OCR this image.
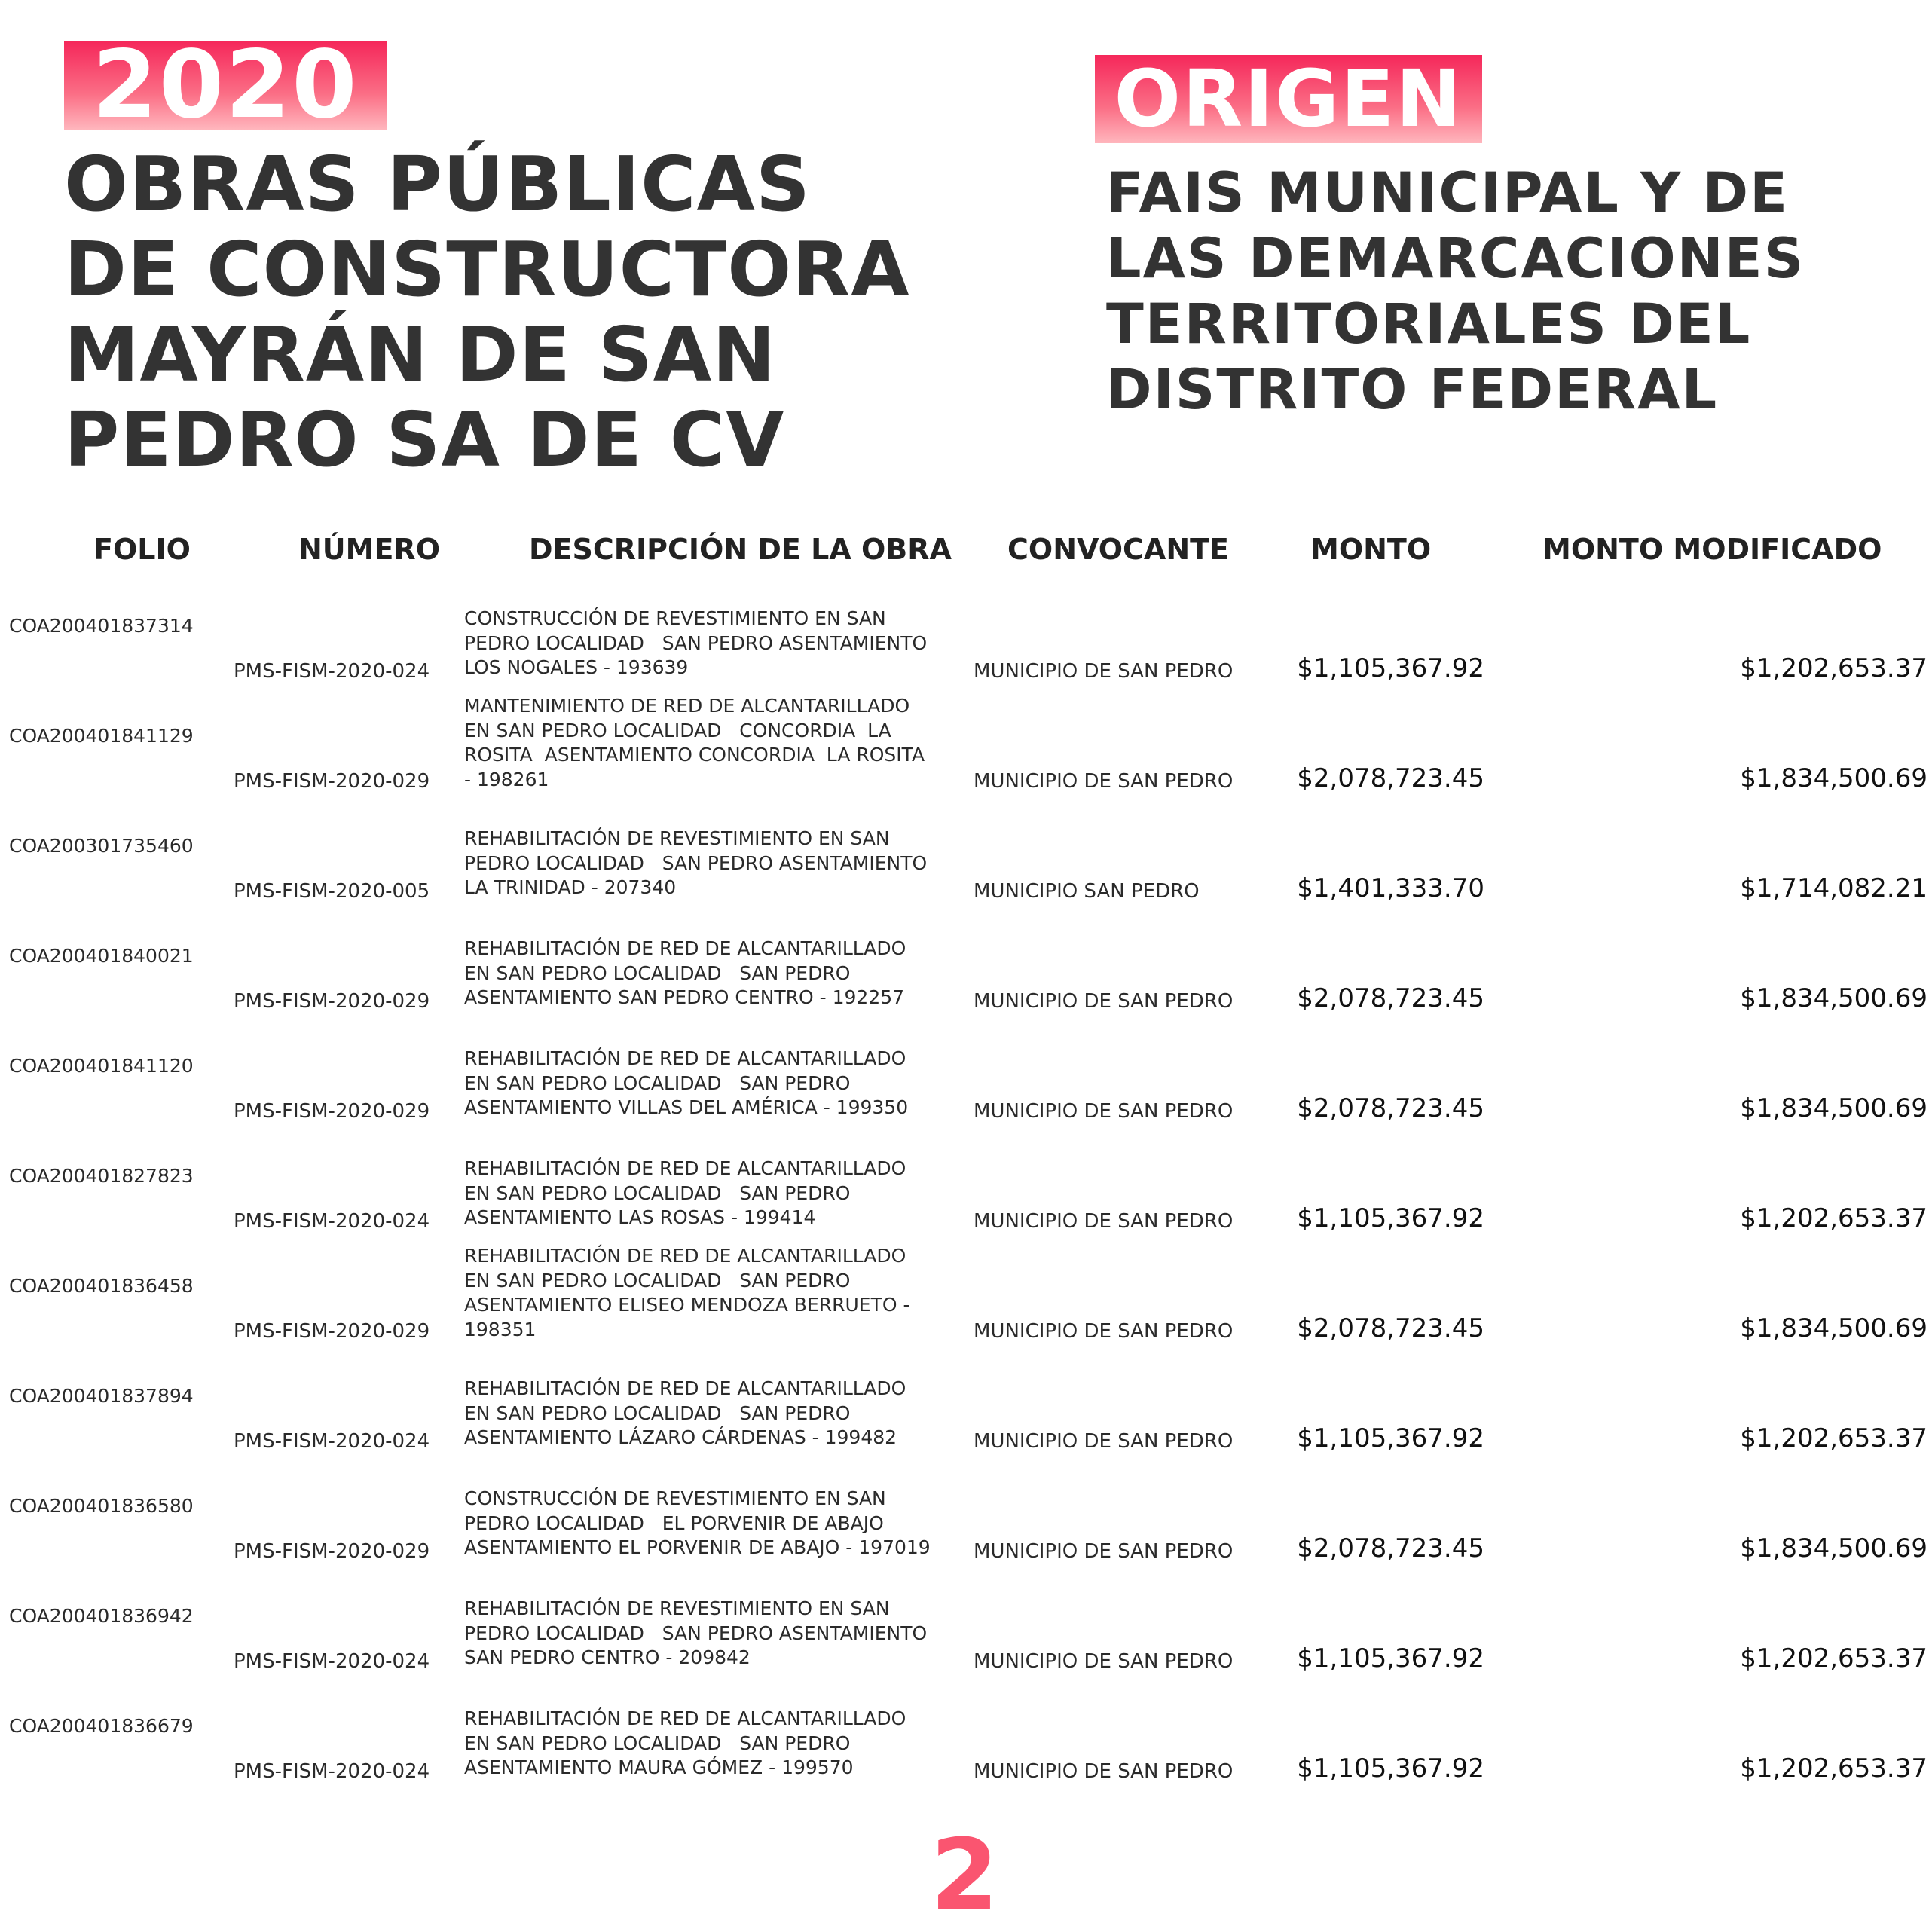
2020
OBRAS PÚBLICAS
DE CONSTRUCTORA
MAYRÁN DE SAN
PEDRO SA DE CV
ORIGEN
FAIS MUNICIPAL Y DE
LAS DEMARCACIONES
TERRITORIALES DEL
DISTRITO FEDERAL
FOLIO	NÚMERO	DESCRIPCIÓN DE LA OBRA CONVOCANTE	MONTO	MONTO MODIFICADO
COA200401837314
PMS-FISM-2020-024
CONSTRUCCIÓN DE REVESTIMIENTO EN SAN
PEDRO LOCALIDAD   SAN PEDRO ASENTAMIENTO
LOS NOGALES - 193639	MUNICIPIO DE SAN PEDRO $1,105,367.92	$1,202,653.37
COA200401841129
PMS-FISM-2020-029
MANTENIMIENTO DE RED DE ALCANTARILLADO
EN SAN PEDRO LOCALIDAD   CONCORDIA  LA
ROSITA  ASENTAMIENTO CONCORDIA  LA ROSITA
- 198261	MUNICIPIO DE SAN PEDRO $2,078,723.45	$1,834,500.69
COA200301735460
PMS-FISM-2020-005
REHABILITACIÓN DE REVESTIMIENTO EN SAN
PEDRO LOCALIDAD   SAN PEDRO ASENTAMIENTO
LA TRINIDAD - 207340	MUNICIPIO SAN PEDRO	$1,401,333.70	$1,714,082.21
COA200401840021
PMS-FISM-2020-029
REHABILITACIÓN DE RED DE ALCANTARILLADO
EN SAN PEDRO LOCALIDAD   SAN PEDRO
ASENTAMIENTO SAN PEDRO CENTRO - 192257	MUNICIPIO DE SAN PEDRO $2,078,723.45	$1,834,500.69
COA200401841120
PMS-FISM-2020-029
REHABILITACIÓN DE RED DE ALCANTARILLADO
EN SAN PEDRO LOCALIDAD   SAN PEDRO
ASENTAMIENTO VILLAS DEL AMÉRICA - 199350	MUNICIPIO DE SAN PEDRO $2,078,723.45	$1,834,500.69
COA200401827823
PMS-FISM-2020-024
REHABILITACIÓN DE RED DE ALCANTARILLADO
EN SAN PEDRO LOCALIDAD   SAN PEDRO
ASENTAMIENTO LAS ROSAS - 199414	MUNICIPIO DE SAN PEDRO $1,105,367.92	$1,202,653.37
COA200401836458
PMS-FISM-2020-029
REHABILITACIÓN DE RED DE ALCANTARILLADO
EN SAN PEDRO LOCALIDAD   SAN PEDRO
ASENTAMIENTO ELISEO MENDOZA BERRUETO -
198351	MUNICIPIO DE SAN PEDRO $2,078,723.45	$1,834,500.69
COA200401837894
PMS-FISM-2020-024
REHABILITACIÓN DE RED DE ALCANTARILLADO
EN SAN PEDRO LOCALIDAD   SAN PEDRO
ASENTAMIENTO LÁZARO CÁRDENAS - 199482	MUNICIPIO DE SAN PEDRO $1,105,367.92	$1,202,653.37
COA200401836580
PMS-FISM-2020-029
CONSTRUCCIÓN DE REVESTIMIENTO EN SAN
PEDRO LOCALIDAD   EL PORVENIR DE ABAJO
ASENTAMIENTO EL PORVENIR DE ABAJO - 197019	MUNICIPIO DE SAN PEDRO $2,078,723.45	$1,834,500.69
COA200401836942
PMS-FISM-2020-024
REHABILITACIÓN DE REVESTIMIENTO EN SAN
PEDRO LOCALIDAD   SAN PEDRO ASENTAMIENTO
SAN PEDRO CENTRO - 209842	MUNICIPIO DE SAN PEDRO $1,105,367.92	$1,202,653.37
COA200401836679
PMS-FISM-2020-024
REHABILITACIÓN DE RED DE ALCANTARILLADO
EN SAN PEDRO LOCALIDAD   SAN PEDRO
ASENTAMIENTO MAURA GÓMEZ - 199570	MUNICIPIO DE SAN PEDRO $1,105,367.92	$1,202,653.37
2
